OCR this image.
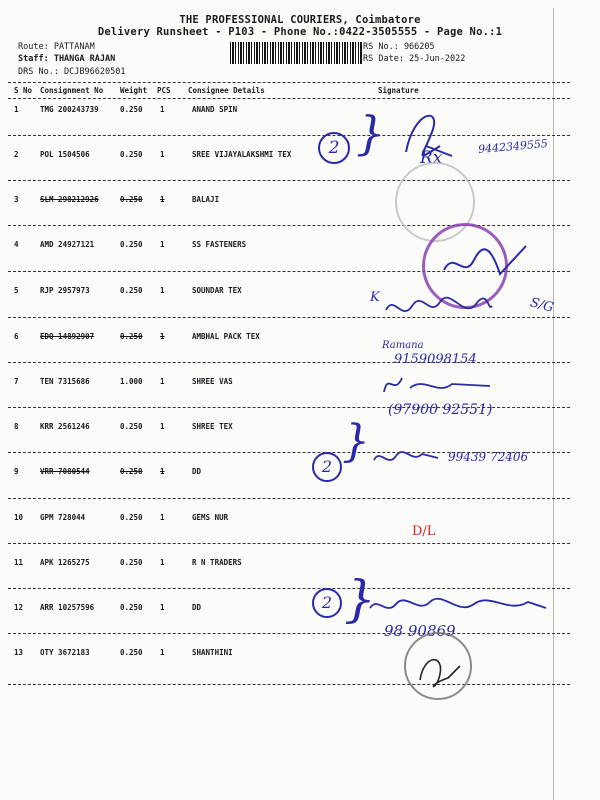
THE PROFESSIONAL COURIERS, Coimbatore
Delivery Runsheet - P103 - Phone No.:0422-3505555 - Page No.:1
Route: PATTANAM
Staff: THANGA RAJAN
DRS No.: DCJB96620501
RS No.: 966205
RS Date: 25-Jun-2022
S No Consignment No Weight PCS Consignee Details	Signature
1	TMG 200243739	0.250 1	ANAND SPIN
2	POL 1504506	0.250 1	SREE VIJAYALAKSHMI TEX
3	SLM 298212926	0.250 1	BALAJI
4	AMD 24927121	0.250 1	SS FASTENERS
5	RJP 2957973	0.250 1	SOUNDAR TEX
6	EDQ 14892907	0.250 1	AMBHAL PACK TEX
7	TEN 7315686	1.000 1	SHREE VAS
8	KRR 2561246	0.250 1	SHREE TEX
9	VRR 7080544	0.250 1	DD
10 GPM 728044	0.250 1	GEMS NUR
11 APK 1265275	0.250 1	R N TRADERS
12 ARR 10257596	0.250 1	DD
13 OTY 3672183	0.250 1	SHANTHINI
2 }	9442349555
Rx
K	S/G
Ramana
9159098154
(97900 92551)
}
2	99439 72406
D/L
2 }
98 90869
